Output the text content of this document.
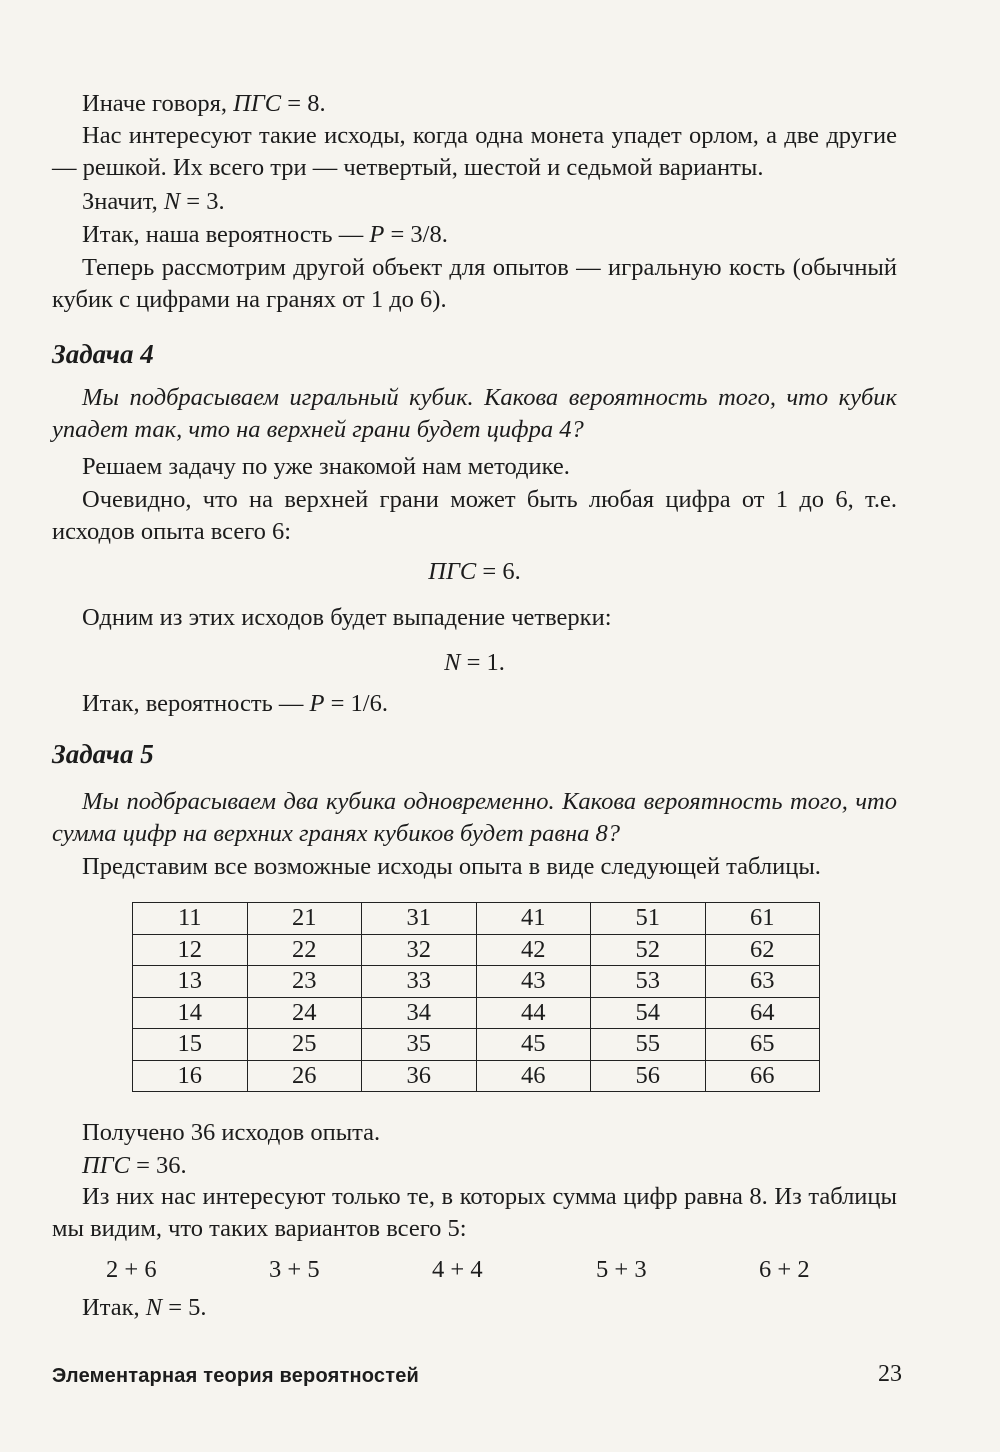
Иначе говоря, ПГС = 8.

Нас интересуют такие исходы, когда одна монета упадет орлом, а две другие — решкой. Их всего три — четвертый, шестой и седьмой варианты.

Значит, N = 3.

Итак, наша вероятность — P = 3/8.

Теперь рассмотрим другой объект для опытов — игральную кость (обычный кубик с цифрами на гранях от 1 до 6).

Задача 4

Мы подбрасываем игральный кубик. Какова вероятность того, что кубик упадет так, что на верхней грани будет цифра 4?

Решаем задачу по уже знакомой нам методике.

Очевидно, что на верхней грани может быть любая цифра от 1 до 6, т.е. исходов опыта всего 6:

ПГС = 6.

Одним из этих исходов будет выпадение четверки:

N = 1.

Итак, вероятность — P = 1/6.

Задача 5

Мы подбрасываем два кубика одновременно. Какова вероятность того, что сумма цифр на верхних гранях кубиков будет равна 8?

Представим все возможные исходы опыта в виде следующей таблицы.

11	21	31	41	51	61
12	22	32	42	52	62
13	23	33	43	53	63
14	24	34	44	54	64
15	25	35	45	55	65
16	26	36	46	56	66

Получено 36 исходов опыта.

ПГС = 36.

Из них нас интересуют только те, в которых сумма цифр равна 8. Из таблицы мы видим, что таких вариантов всего 5:

2 + 6	3 + 5	4 + 4	5 + 3	6 + 2

Итак, N = 5.

Элементарная теория вероятностей	23
